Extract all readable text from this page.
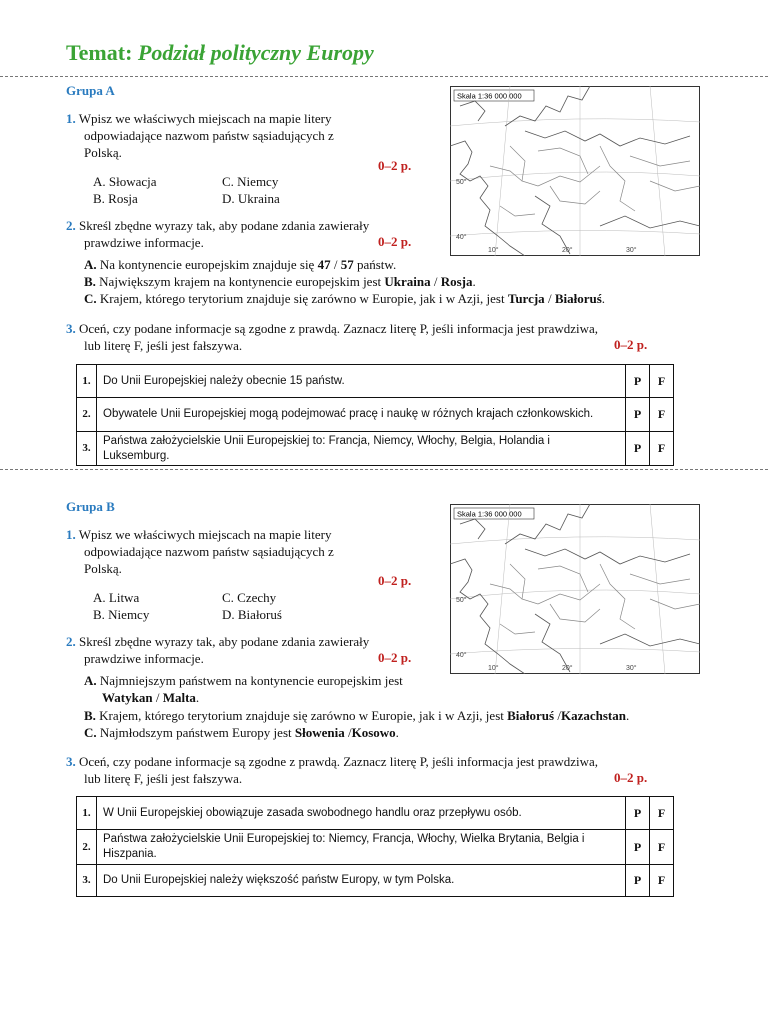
Temat: Podział polityczny Europy
Grupa A
1. Wpisz we właściwych miejscach na mapie litery
odpowiadające nazwom państw sąsiadujących z
Polską.
0–2 p.
A. Słowacja	C. Niemcy
B. Rosja	D. Ukraina
2. Skreśl zbędne wyrazy tak, aby podane zdania zawierały
prawdziwe informacje.	0–2 p.
A. Na kontynencie europejskim znajduje się 47 / 57 państw.
B. Największym krajem na kontynencie europejskim jest Ukraina / Rosja.
C. Krajem, którego terytorium znajduje się zarówno w Europie, jak i w Azji, jest Turcja / Białoruś.
3. Oceń, czy podane informacje są zgodne z prawdą. Zaznacz literę P, jeśli informacja jest prawdziwa,
lub literę F, jeśli jest fałszywa.	0–2 p.
1.	Do Unii Europejskiej należy obecnie 15 państw.	P	F
2.	Obywatele Unii Europejskiej mogą podejmować pracę i naukę w różnych krajach członkowskich.	P	F
3.	Państwa założycielskie Unii Europejskiej to: Francja, Niemcy, Włochy, Belgia, Holandia i Luksemburg.	P	F
Grupa B
1. Wpisz we właściwych miejscach na mapie litery
odpowiadające nazwom państw sąsiadujących z
Polską.
0–2 p.
A. Litwa	C. Czechy
B. Niemcy	D. Białoruś
2. Skreśl zbędne wyrazy tak, aby podane zdania zawierały
prawdziwe informacje.	0–2 p.
A. Najmniejszym państwem na kontynencie europejskim jest
Watykan / Malta.
B. Krajem, którego terytorium znajduje się zarówno w Europie, jak i w Azji, jest Białoruś /Kazachstan.
C. Najmłodszym państwem Europy jest Słowenia /Kosowo.
3. Oceń, czy podane informacje są zgodne z prawdą. Zaznacz literę P, jeśli informacja jest prawdziwa,
lub literę F, jeśli jest fałszywa.	0–2 p.
1.	W Unii Europejskiej obowiązuje zasada swobodnego handlu oraz przepływu osób.	P	F
2.	Państwa założycielskie Unii Europejskiej to: Niemcy, Francja, Włochy, Wielka Brytania, Belgia i Hiszpania.	P	F
3.	Do Unii Europejskiej należy większość państw Europy, w tym Polska.	P	F
Skala 1:36 000 000
50°
40°
30°
20°
10°
Skala 1:36 000 000
50°
40°
30°
20°
10°
